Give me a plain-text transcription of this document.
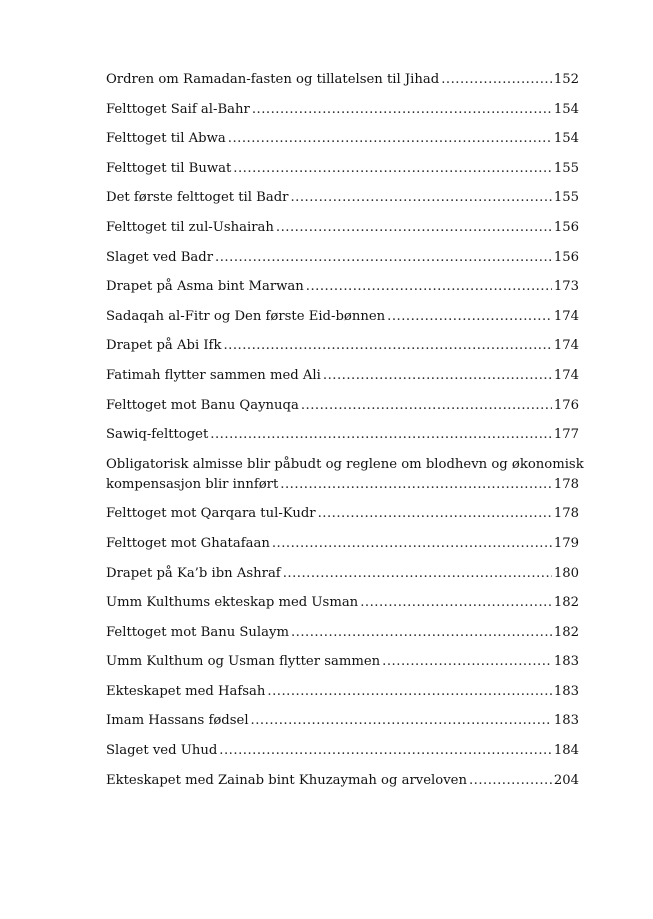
Ordren om Ramadan-fasten og tillatelsen til Jihad .....	152
Felttoget Saif al-Bahr .....	154
Felttoget til Abwa .....	154
Felttoget til Buwat .....	155
Det første felttoget til Badr .....	155
Felttoget til zul-Ushairah .....	156
Slaget ved Badr .....	156
Drapet på Asma bint Marwan .....	173
Sadaqah al-Fitr og Den første Eid-bønnen .....	174
Drapet på Abi Ifk .....	174
Fatimah flytter sammen med Ali .....	174
Felttoget mot Banu Qaynuqa .....	176
Sawiq-felttoget .....	177
Obligatorisk almisse blir påbudt og reglene om blodhevn og økonomisk
kompensasjon blir innført .....	178
Felttoget mot Qarqara tul-Kudr .....	178
Felttoget mot Ghatafaan .....	179
Drapet på Ka’b ibn Ashraf .....	180
Umm Kulthums ekteskap med Usman .....	182
Felttoget mot Banu Sulaym .....	182
Umm Kulthum og Usman flytter sammen .....	183
Ekteskapet med Hafsah .....	183
Imam Hassans fødsel .....	183
Slaget ved Uhud .....	184
Ekteskapet med Zainab bint Khuzaymah og arveloven .....	204
